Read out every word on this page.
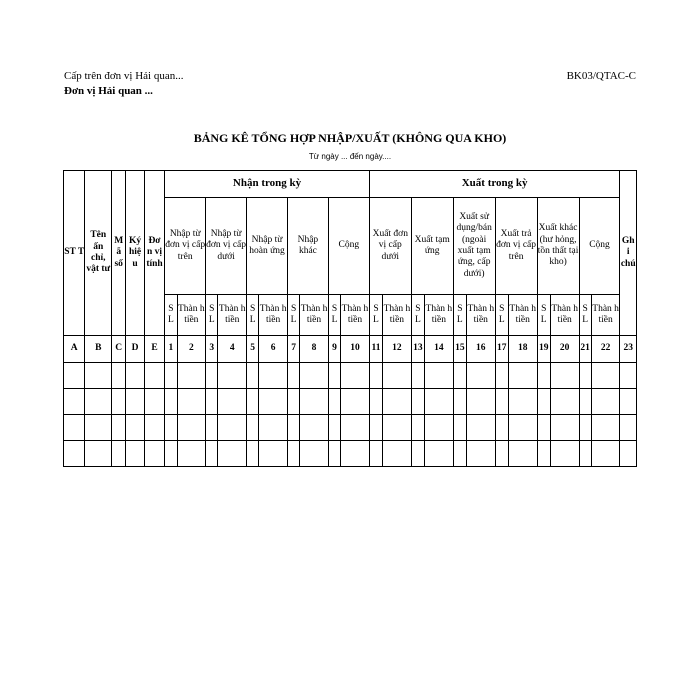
Cấp trên đơn vị Hải quan...
Đơn vị Hải quan ...
BK03/QTAC-C
BẢNG KÊ TỔNG HỢP NHẬP/XUẤT (KHÔNG QUA KHO)
Từ ngày ... đến ngày....
ST T	Tên ấn chỉ, vật tư	M ã số	Ký hiệ u	Đơ n vị tính	Nhận trong kỳ										Xuất trong kỳ												Gh i chú
					Nhập từ đơn vị cấp trên		Nhập từ đơn vị cấp dưới		Nhập từ hoàn ứng		Nhập khác		Cộng		Xuất đơn vị cấp dưới		Xuất tạm ứng		Xuất sử dụng/bán (ngoài xuất tạm ứng, cấp dưới)		Xuất trả đơn vị cấp trên		Xuất khác (hư hỏng, tồn thất tại kho)		Cộng		
					S L	Thàn h tiền	S L	Thàn h tiền	S L	Thàn h tiền	S L	Thàn h tiền	S L	Thàn h tiền	S L	Thàn h tiền	S L	Thàn h tiền	S L	Thàn h tiền	S L	Thàn h tiền	S L	Thàn h tiền	S L	Thàn h tiền	
A	B	C	D	E	1	2	3	4	5	6	7	8	9	10	11	12	13	14	15	16	17	18	19	20	21	22	23
